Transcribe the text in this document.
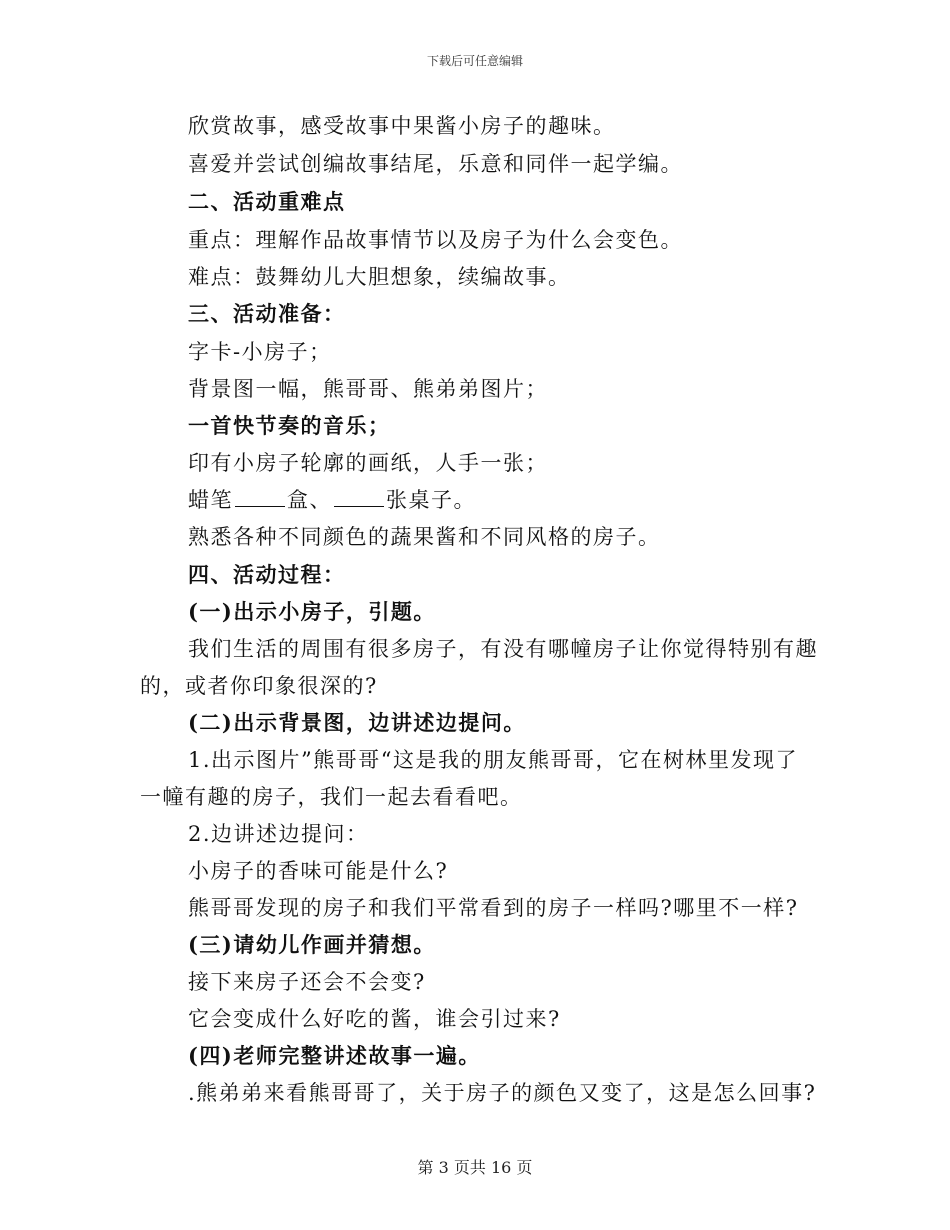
下载后可任意编辑
欣赏故事，感受故事中果酱小房子的趣味。
喜爱并尝试创编故事结尾，乐意和同伴一起学编。
二、活动重难点
重点：理解作品故事情节以及房子为什么会变色。
难点：鼓舞幼儿大胆想象，续编故事。
三、活动准备：
字卡-小房子；
背景图一幅，熊哥哥、熊弟弟图片；
一首快节奏的音乐；
印有小房子轮廓的画纸，人手一张；
蜡笔	盒、	张桌子。
熟悉各种不同颜色的蔬果酱和不同风格的房子。
四、活动过程：
(一)出示小房子，引题。
我们生活的周围有很多房子，有没有哪幢房子让你觉得特别有趣
的，或者你印象很深的?
(二)出示背景图，边讲述边提问。
1.出示图片”熊哥哥“这是我的朋友熊哥哥，它在树林里发现了
一幢有趣的房子，我们一起去看看吧。
2.边讲述边提问：
小房子的香味可能是什么?
熊哥哥发现的房子和我们平常看到的房子一样吗?哪里不一样?
(三)请幼儿作画并猜想。
接下来房子还会不会变?
它会变成什么好吃的酱，谁会引过来?
(四)老师完整讲述故事一遍。
.熊弟弟来看熊哥哥了，关于房子的颜色又变了，这是怎么回事?
第 3 页共 16 页
